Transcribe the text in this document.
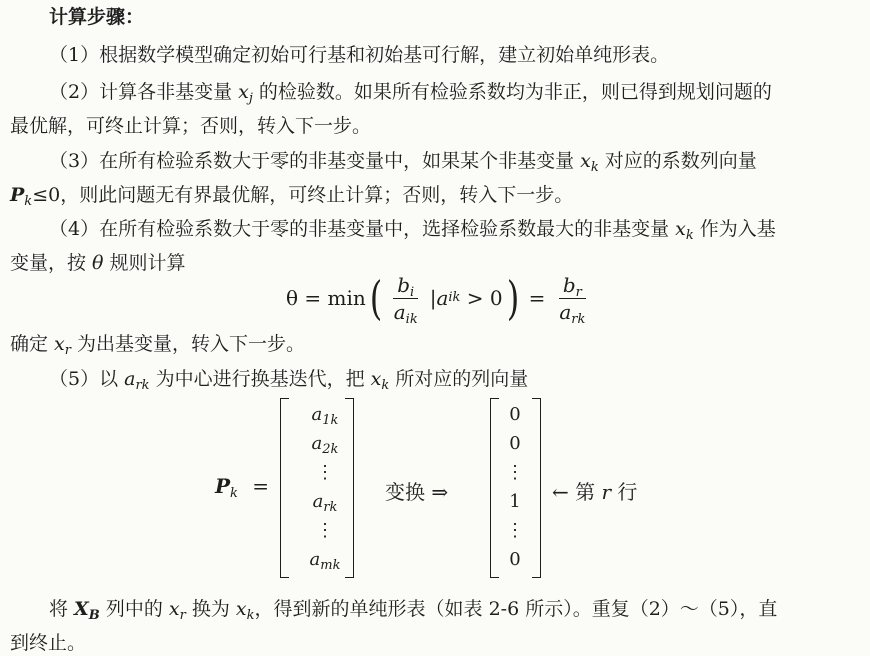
计算步骤：
（1）根据数学模型确定初始可行基和初始基可行解，建立初始单纯形表。
（2）计算各非基变量 $x_j$ 的检验数。如果所有检验系数均为非正，则已得到规划问题的
最优解，可终止计算；否则，转入下一步。
（3）在所有检验系数大于零的非基变量中，如果某个非基变量 $x_k$ 对应的系数列向量
$P_k\le 0$，则此问题无有界最优解，可终止计算；否则，转入下一步。
（4）在所有检验系数大于零的非基变量中，选择检验系数最大的非基变量 $x_k$ 作为入基
变量，按 θ 规则计算
θ = min ( $\frac{b_i}{a_{ik}}$ | a ik > 0 ) = $\frac{b_r}{a_{rk}}$
确定 $x_r$ 为出基变量，转入下一步。
（5）以 $a_{rk}$ 为中心进行换基迭代，把 $x_k$ 所对应的列向量
$P_k$ =
$a_{1k}$
$a_{2k}$
⋮
$a_{rk}$
⋮
$a_{mk}$
变换 ⇒
0
0
⋮
1
⋮
0
← 第 r 行
将 $X_B$ 列中的 $x_r$ 换为 $x_k$，得到新的单纯形表（如表 2-6 所示）。重复（2）～（5），直
到终止。
